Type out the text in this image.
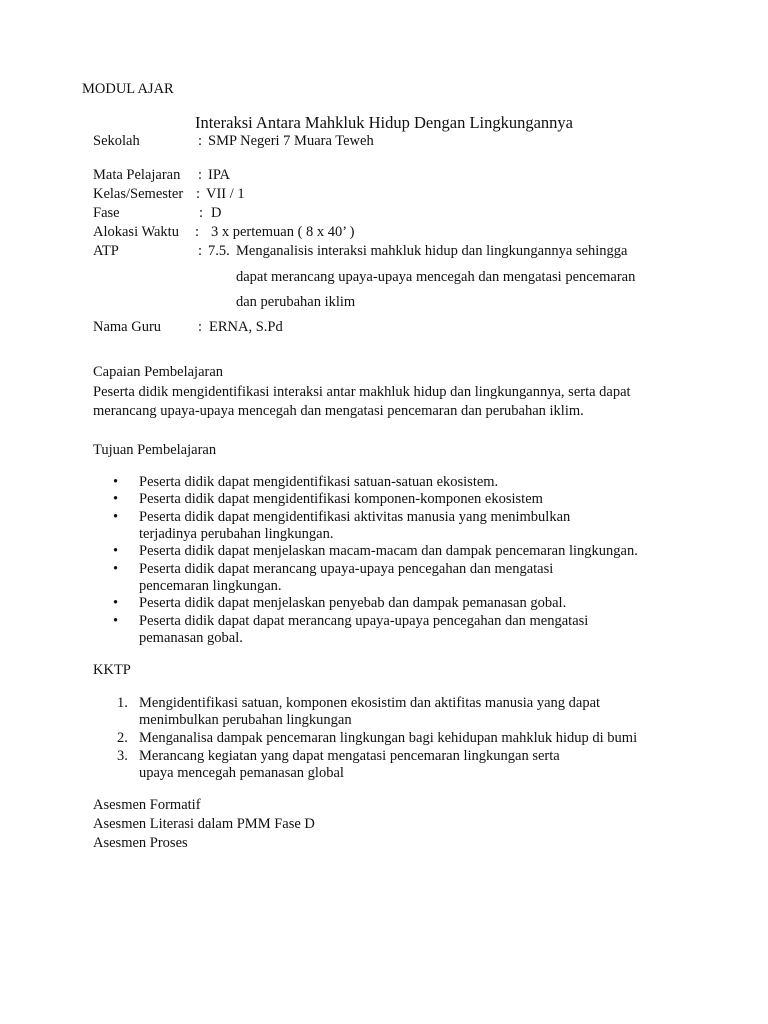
MODUL AJAR
Interaksi Antara Mahkluk Hidup Dengan Lingkungannya
Sekolah	: SMP Negeri 7 Muara Teweh
Mata Pelajaran : IPA
Kelas/Semester : VII / 1
Fase	: D
Alokasi Waktu : 3 x pertemuan ( 8 x 40’ )
ATP	: 7.5. Menganalisis interaksi mahkluk hidup dan lingkungannya sehingga
dapat merancang upaya-upaya mencegah dan mengatasi pencemaran
dan perubahan iklim
Nama Guru	: ERNA, S.Pd
Capaian Pembelajaran
Peserta didik mengidentifikasi interaksi antar makhluk hidup dan lingkungannya, serta dapat merancang upaya-upaya mencegah dan mengatasi pencemaran dan perubahan iklim.
Tujuan Pembelajaran
• Peserta didik dapat mengidentifikasi satuan-satuan ekosistem.
• Peserta didik dapat mengidentifikasi komponen-komponen ekosistem
• Peserta didik dapat mengidentifikasi aktivitas manusia yang menimbulkan
terjadinya perubahan lingkungan.
• Peserta didik dapat menjelaskan macam-macam dan dampak pencemaran lingkungan.
• Peserta didik dapat merancang upaya-upaya pencegahan dan mengatasi
pencemaran lingkungan.
• Peserta didik dapat menjelaskan penyebab dan dampak pemanasan gobal.
• Peserta didik dapat dapat merancang upaya-upaya pencegahan dan mengatasi
pemanasan gobal.
KKTP
1. Mengidentifikasi satuan, komponen ekosistim dan aktifitas manusia yang dapat
menimbulkan perubahan lingkungan
2. Menganalisa dampak pencemaran lingkungan bagi kehidupan mahkluk hidup di bumi
3. Merancang kegiatan yang dapat mengatasi pencemaran lingkungan serta
upaya mencegah pemanasan global
Asesmen Formatif
Asesmen Literasi dalam PMM Fase D
Asesmen Proses
